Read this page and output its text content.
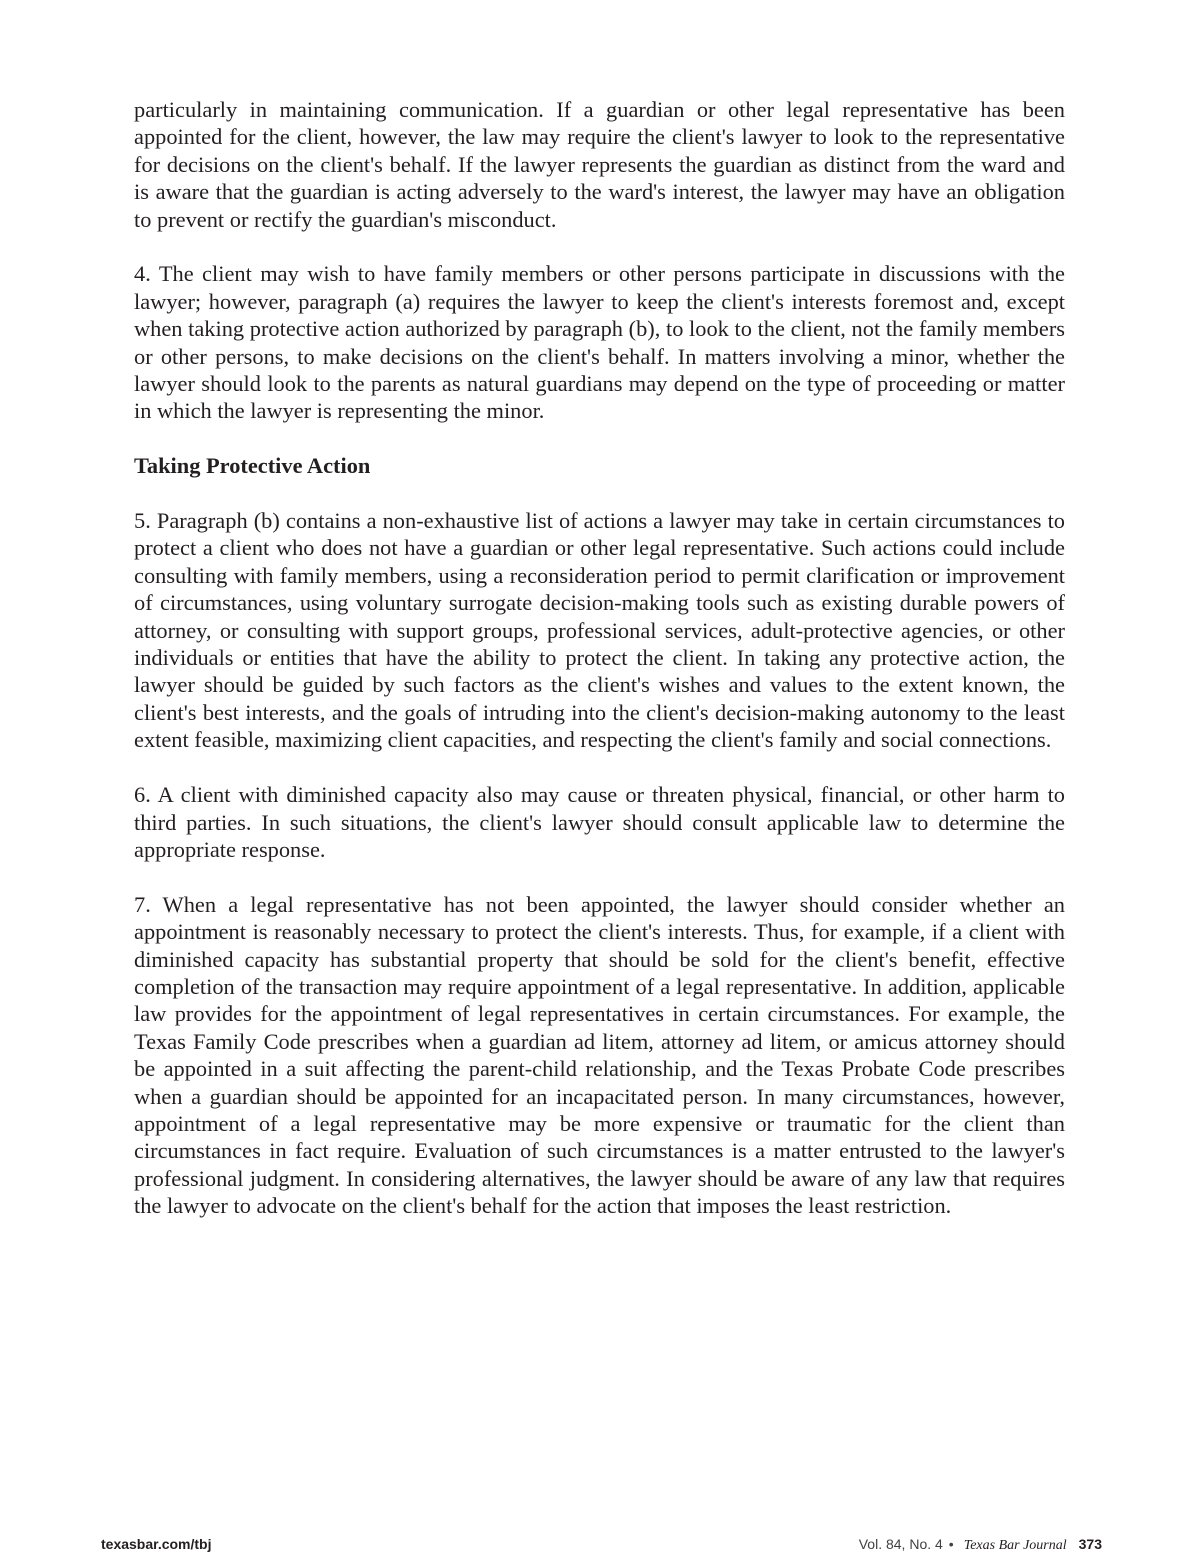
particularly in maintaining communication. If a guardian or other legal representative has been appointed for the client, however, the law may require the client's lawyer to look to the representative for decisions on the client's behalf. If the lawyer represents the guardian as distinct from the ward and is aware that the guardian is acting adversely to the ward's interest, the lawyer may have an obligation to prevent or rectify the guardian's misconduct.

4. The client may wish to have family members or other persons participate in discussions with the lawyer; however, paragraph (a) requires the lawyer to keep the client's interests foremost and, except when taking protective action authorized by paragraph (b), to look to the client, not the family members or other persons, to make decisions on the client's behalf. In matters involving a minor, whether the lawyer should look to the parents as natural guardians may depend on the type of proceeding or matter in which the lawyer is representing the minor.

Taking Protective Action

5. Paragraph (b) contains a non-exhaustive list of actions a lawyer may take in certain circumstances to protect a client who does not have a guardian or other legal representative. Such actions could include consulting with family members, using a reconsideration period to permit clarification or improvement of circumstances, using voluntary surrogate decision-making tools such as existing durable powers of attorney, or consulting with support groups, professional services, adult-protective agencies, or other individuals or entities that have the ability to protect the client. In taking any protective action, the lawyer should be guided by such factors as the client's wishes and values to the extent known, the client's best interests, and the goals of intruding into the client's decision-making autonomy to the least extent feasible, maximizing client capacities, and respecting the client's family and social connections.

6. A client with diminished capacity also may cause or threaten physical, financial, or other harm to third parties. In such situations, the client's lawyer should consult applicable law to determine the appropriate response.

7. When a legal representative has not been appointed, the lawyer should consider whether an appointment is reasonably necessary to protect the client's interests. Thus, for example, if a client with diminished capacity has substantial property that should be sold for the client's benefit, effective completion of the transaction may require appointment of a legal representative. In addition, applicable law provides for the appointment of legal representatives in certain circumstances. For example, the Texas Family Code prescribes when a guardian ad litem, attorney ad litem, or amicus attorney should be appointed in a suit affecting the parent-child relationship, and the Texas Probate Code prescribes when a guardian should be appointed for an incapacitated person. In many circumstances, however, appointment of a legal representative may be more expensive or traumatic for the client than circumstances in fact require. Evaluation of such circumstances is a matter entrusted to the lawyer's professional judgment. In considering alternatives, the lawyer should be aware of any law that requires the lawyer to advocate on the client's behalf for the action that imposes the least restriction.

texasbar.com/tbj	Vol. 84, No. 4 • Texas Bar Journal 373
